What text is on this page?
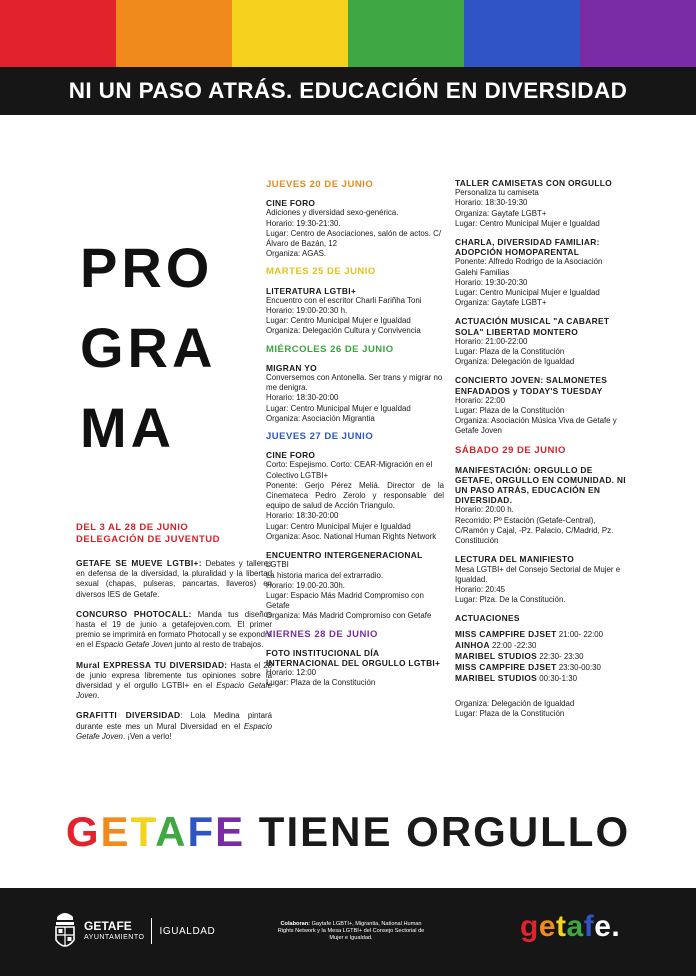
NI UN PASO ATRÁS. EDUCACIÓN EN DIVERSIDAD
PRO
GRA
MA
DEL 3 AL 28 DE JUNIO
DELEGACIÓN DE JUVENTUD

GETAFE SE MUEVE LGTBI+: Debates y talleres en defensa de la diversidad, la pluralidad y la libertad sexual (chapas, pulseras, pancartas, llaveros) en diversos IES de Getafe.

CONCURSO PHOTOCALL: Manda tus diseños hasta el 19 de junio a getafejoven.com. El primer premio se imprimirá en formato Photocall y se expondrá en el Espacio Getafe Joven junto al resto de trabajos.

Mural EXPRESSA TU DIVERSIDAD: Hasta el 28 de junio expresa libremente tus opiniones sobre la diversidad y el orgullo LGTBI+ en el Espacio Getafe Joven.

GRAFITTI DIVERSIDAD: Lola Medina pintará durante este mes un Mural Diversidad en el Espacio Getafe Joven. ¡Ven a verlo!

JUEVES 20 DE JUNIO

CINE FORO

Adiciones y diversidad sexo-genérica.

Horario: 19:30-21:30.

Lugar: Centro de Asociaciones, salón de actos. C/ Álvaro de Bazán, 12

Organiza: AGAS.

MARTES 25 DE JUNIO

LITERATURA LGTBI+

Encuentro con el escritor Charli Fariñha Toni

Horario: 19:00-20:30 h.

Lugar: Centro Municipal Mujer e Igualdad

Organiza: Delegación Cultura y Convivencia

MIÉRCOLES 26 DE JUNIO

MIGRAN YO

Conversemos con Antonella. Ser trans y migrar no me denigra.

Horario: 18:30-20:00

Lugar: Centro Municipal Mujer e Igualdad

Organiza: Asociación Migrantia

JUEVES 27 DE JUNIO

CINE FORO

Corto: Espejismo. Corto: CEAR-Migración en el Colectivo LGTBI+

Ponente: Gerjo Pérez Meliá. Director de la Cinemateca Pedro Zerolo y responsable del equipo de salud de Acción Triangulo.

Horario: 18:30-20:00

Lugar: Centro Municipal Mujer e Igualdad

Organiza: Asoc. National Human Rights Network

ENCUENTRO INTERGENERACIONAL

LGTBI

La historia marica del extrarradio.

Horario: 19.00-20.30h.

Lugar: Espacio Más Madrid Compromiso con Getafe

Organiza: Más Madrid Compromiso con Getafe

VIERNES 28 DE JUNIO

FOTO INSTITUCIONAL DÍA INTERNACIONAL DEL ORGULLO LGTBI+

Horario: 12:00

Lugar: Plaza de la Constitución

TALLER CAMISETAS CON ORGULLO

Personaliza tu camiseta

Horario: 18:30-19:30

Organiza: Gaytafe LGBT+

Lugar: Centro Municipal Mujer e Igualdad

CHARLA, DIVERSIDAD FAMILIAR: ADOPCIÓN HOMOPARENTAL

Ponente: Alfredo Rodrigo de la Asociación Galehi Familias

Horario: 19:30-20:30

Lugar: Centro Municipal Mujer e Igualdad

Organiza: Gaytafe LGBT+

ACTUACIÓN MUSICAL "A CABARET SOLA" LIBERTAD MONTERO

Horario: 21:00-22:00

Lugar: Plaza de la Constitución

Organiza: Delegación de Igualdad

CONCIERTO JOVEN: SALMONETES ENFADADOS y TODAY'S TUESDAY

Horario: 22:00

Lugar: Plaza de la Constitución

Organiza: Asociación Música Viva de Getafe y Getafe Joven

SÁBADO 29 DE JUNIO

MANIFESTACIÓN: ORGULLO DE GETAFE, ORGULLO EN COMUNIDAD. NI UN PASO ATRÁS, EDUCACIÓN EN DIVERSIDAD.

Horario: 20:00 h.

Recorrido: Pº Estación (Getafe-Central), C/Ramón y Cajal, -Pz. Palacio, C/Madrid, Pz. Constitución

LECTURA DEL MANIFIESTO

Mesa LGTBI+ del Consejo Sectorial de Mujer e Igualdad.

Horario: 20:45

Lugar: Plza. De la Constitución.

ACTUACIONES

MISS CAMPFIRE DJSET 21:00- 22:00

AINHOA 22:00 -22:30

MARIBEL STUDIOS 22:30- 23:30

MISS CAMPFIRE DJSET 23:30-00:30

MARIBEL STUDIOS 00:30-1:30

Organiza: Delegación de Igualdad

Lugar: Plaza de la Constitución

GETAFE TIENE ORGULLO
GETAFE
AYUNTAMIENTO
IGUALDAD
Colaboran: Gaytafe LGBTI+, Migrantia, National Human Rights Network y la Mesa LGTBI+ del Consejo Sectorial de Mujer e Igualdad.	getafe.
